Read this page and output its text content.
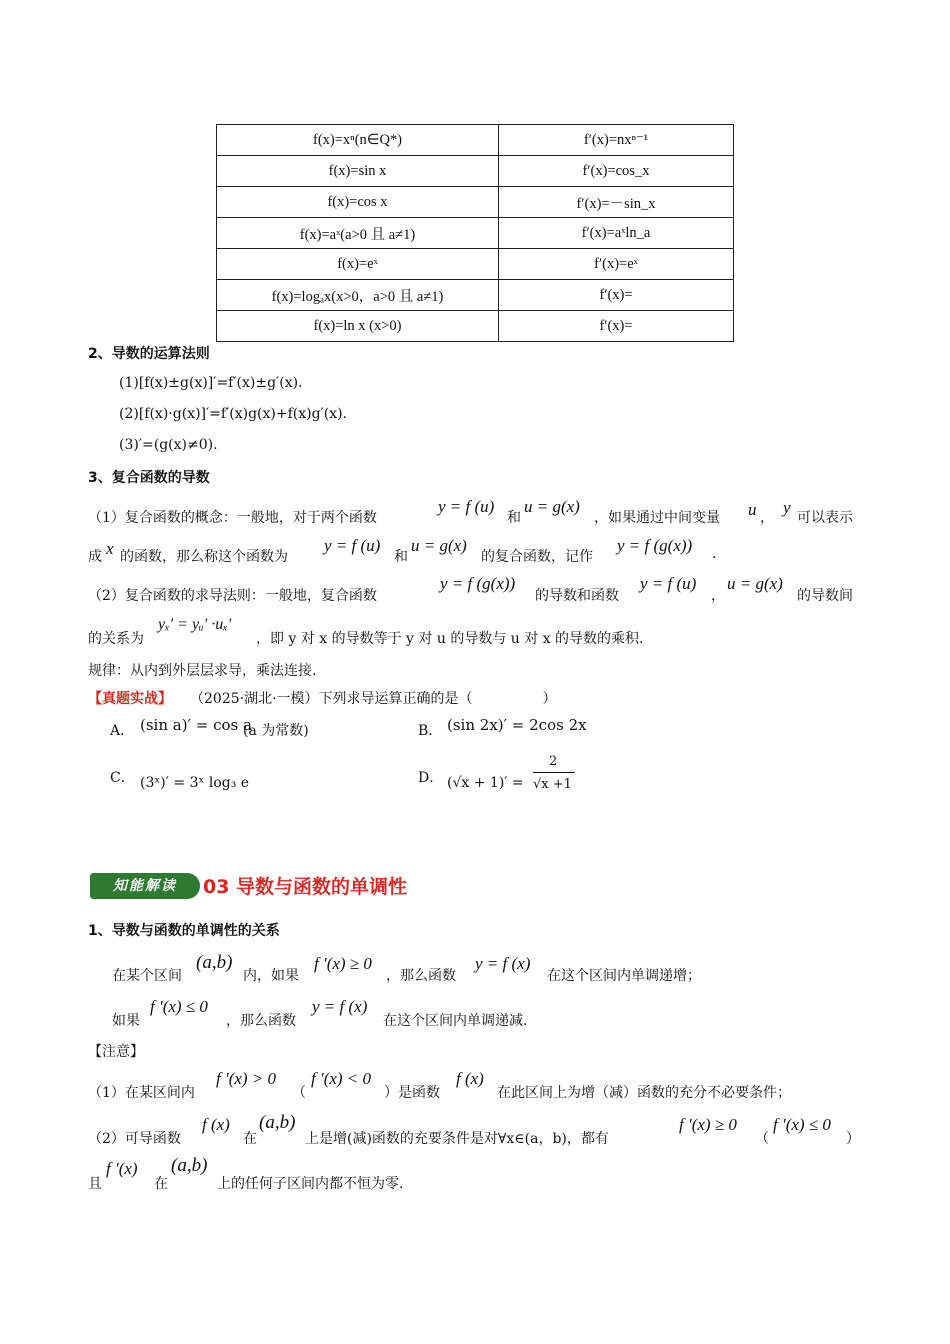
f(x)=xⁿ(n∈Q*)	f′(x)=nxⁿ⁻¹
f(x)=sin x	f′(x)=cos_x
f(x)=cos x	f′(x)=－sin_x
f(x)=aˣ(a>0 且 a≠1)	f′(x)=aˣln_a
f(x)=eˣ	f′(x)=eˣ
f(x)=logₐx(x>0，a>0 且 a≠1)	f′(x)=
f(x)=ln x (x>0)	f′(x)=
2、导数的运算法则
(1)[f(x)±g(x)]′=f′(x)±g′(x).
(2)[f(x)·g(x)]′=f′(x)g(x)+f(x)g′(x).
(3)′=(g(x)≠0).
3、复合函数的导数
（1）复合函数的概念：一般地，对于两个函数
y = f (u)
和
u = g(x)
，如果通过中间变量 u ，
y
可以表示
成 x 的函数，那么称这个函数为
y = f (u)
和
u = g(x)
的复合函数，记作
y = f (g(x)) .
（2）复合函数的求导法则：一般地，复合函数
y = f (g(x))
的导数和函数
y = f (u)
，
u = g(x)
的导数间
的关系为
yₓ′ = yᵤ′ ·uₓ′
，即 y 对 x 的导数等于 y 对 u 的导数与 u 对 x 的导数的乘积.
规律：从内到外层层求导，乘法连接.
【真题实战】 （2025·湖北·一模）下列求导运算正确的是（　　　　　）
A． (sin a)′ = cos a
(a 为常数)	B． (sin 2x)′ = 2cos 2x
C． (3ˣ)′ = 3ˣ log₃ e	D． (√x + 1)′ =
2
√x +1
知能解读	03 导数与函数的单调性
1、导数与函数的单调性的关系
在某个区间
(a,b)
内，如果
f ′(x) ≥ 0
，那么函数
y = f (x)
在这个区间内单调递增；
如果
f ′(x) ≤ 0
，那么函数
y = f (x)
在这个区间内单调递减.
【注意】
（1）在某区间内
f ′(x) > 0
（
f ′(x) < 0
）是函数
f (x)
在此区间上为增（减）函数的充分不必要条件；
（2）可导函数
f (x)
在
(a,b)
上是增(减)函数的充要条件是对∀x∈(a，b)，都有
f ′(x) ≥ 0
（
f ′(x) ≤ 0
）
且
f ′(x)
在
(a,b)
上的任何子区间内都不恒为零.
